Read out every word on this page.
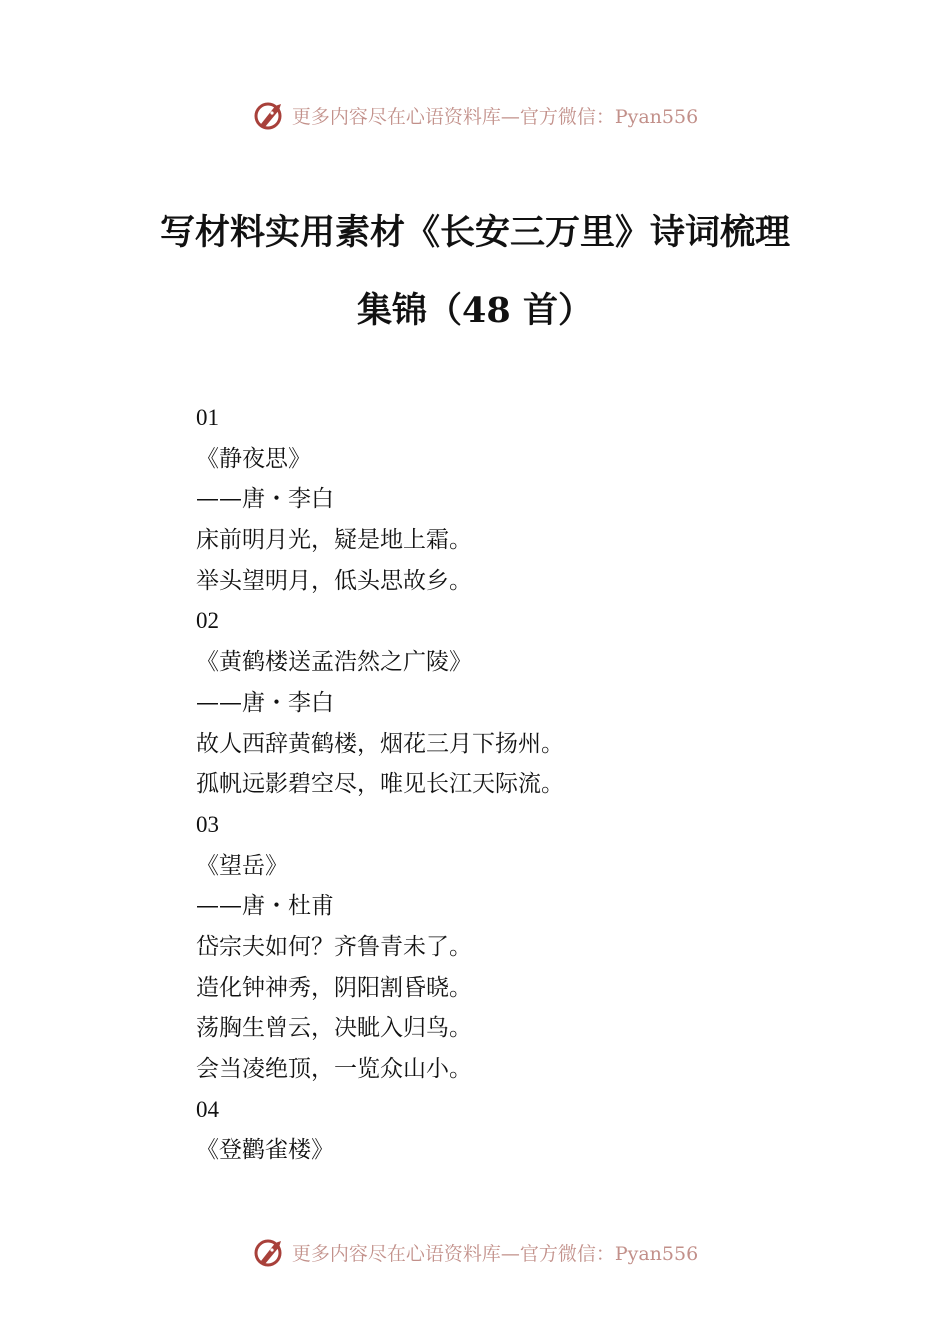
更多内容尽在心语资料库—官方微信：Pyan556
写材料实用素材《长安三万里》诗词梳理
集锦（48 首）
01
《静夜思》
——唐・李白
床前明月光，疑是地上霜。
举头望明月，低头思故乡。
02
《黄鹤楼送孟浩然之广陵》
——唐・李白
故人西辞黄鹤楼，烟花三月下扬州。
孤帆远影碧空尽，唯见长江天际流。
03
《望岳》
——唐・杜甫
岱宗夫如何？齐鲁青未了。
造化钟神秀，阴阳割昏晓。
荡胸生曾云，决眦入归鸟。
会当凌绝顶，一览众山小。
04
《登鹳雀楼》
更多内容尽在心语资料库—官方微信：Pyan556
